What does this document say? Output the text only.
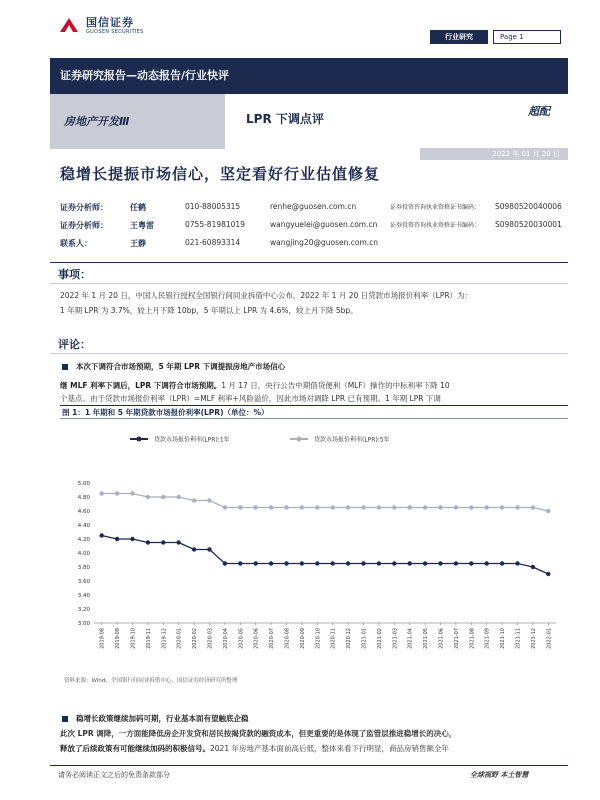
国信证券
GUOSEN SECURITIES
行业研究	Page 1
证券研究报告—动态报告/行业快评
房地产开发Ⅲ	LPR 下调点评
超配
2022 年 01 月 20 日
稳增长提振市场信心，坚定看好行业估值修复
证券分析师：	任鹤	010-88005315	renhe@guosen.com.cn	证券投资咨询执业资格证书编码： S0980520040006
证券分析师：	王粤雷	0755-81981019	wangyuelei@guosen.com.cn 证券投资咨询执业资格证书编码： S0980520030001
联系人：	王静	021-60893314	wangjing20@guosen.com.cn
事项：
2022 年 1 月 20 日，中国人民银行授权全国银行间同业拆借中心公布，2022 年 1 月 20 日贷款市场报价利率（LPR）为：
1 年期 LPR 为 3.7%，较上月下降 10bp，5 年期以上 LPR 为 4.6%，较上月下降 5bp。
评论：
本次下调符合市场预期，5 年期 LPR 下调提振房地产市场信心
继 MLF 利率下调后，LPR 下调符合市场预期。1 月 17 日，央行公告中期借贷便利（MLF）操作的中标利率下降 10
图 1：1 年期和 5 年期贷款市场报价利率(LPR)（单位：%）
贷款市场报价利率(LPR):1年	贷款市场报价利率(LPR):5年
3.00
3.20
3.40
3.60
3.80
4.00
4.20
4.40
4.60
4.80
5.00
2019-08 2019-09 2019-10 2019-11 2019-12 2020-01 2020-02 2020-03 2020-04 2020-05 2020-06 2020-07 2020-08 2020-09 2020-10 2020-11 2020-12 2021-01 2021-02 2021-03 2021-04 2021-05 2021-06 2021-07 2021-08 2021-09 2021-10 2021-11 2021-12 2022-01
资料来源：Wind、全国银行间同业拆借中心，国信证券经济研究所整理
稳增长政策继续加码可期，行业基本面有望触底企稳
此次 LPR 调降，一方面能降低房企开发贷和居民按揭贷款的融资成本，但更重要的是体现了监管层推进稳增长的决心，
释放了后续政策有可能继续加码的积极信号。2021 年房地产基本面前高后低，整体来看下行明显，商品房销售额全年
请务必阅读正文之后的免责条款部分	全球视野 本土智慧
个基点。由于贷款市场报价利率（LPR）=MLF 利率+风险溢价，因此市场对调降 LPR 已有预期。1 年期 LPR 下调
